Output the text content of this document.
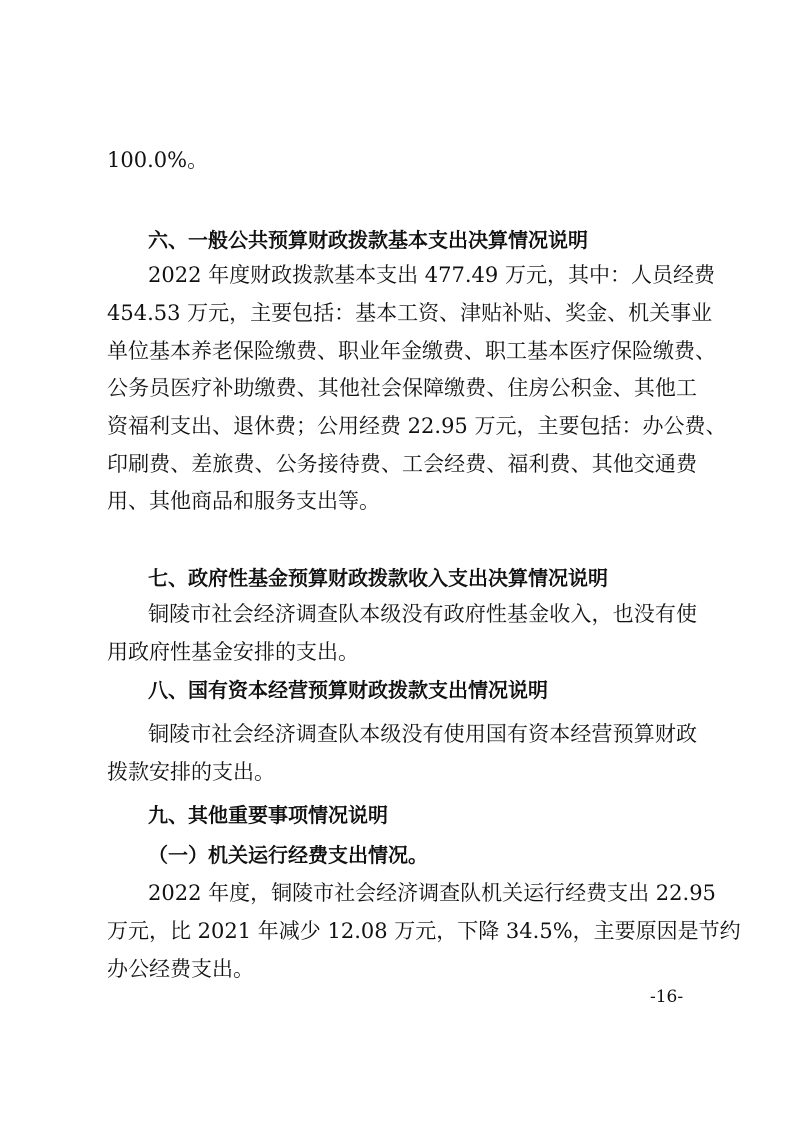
100.0%。
六、一般公共预算财政拨款基本支出决算情况说明
2022 年度财政拨款基本支出 477.49 万元，其中：人员经费
454.53 万元，主要包括：基本工资、津贴补贴、奖金、机关事业
单位基本养老保险缴费、职业年金缴费、职工基本医疗保险缴费、
公务员医疗补助缴费、其他社会保障缴费、住房公积金、其他工
资福利支出、退休费；公用经费 22.95 万元，主要包括：办公费、
印刷费、差旅费、公务接待费、工会经费、福利费、其他交通费
用、其他商品和服务支出等。
七、政府性基金预算财政拨款收入支出决算情况说明
铜陵市社会经济调查队本级没有政府性基金收入，也没有使
用政府性基金安排的支出。
八、国有资本经营预算财政拨款支出情况说明
铜陵市社会经济调查队本级没有使用国有资本经营预算财政
拨款安排的支出。
九、其他重要事项情况说明
（一）机关运行经费支出情况。
2022 年度，铜陵市社会经济调查队机关运行经费支出 22.95
万元，比 2021 年减少 12.08 万元，下降 34.5%，主要原因是节约
办公经费支出。
-16-
